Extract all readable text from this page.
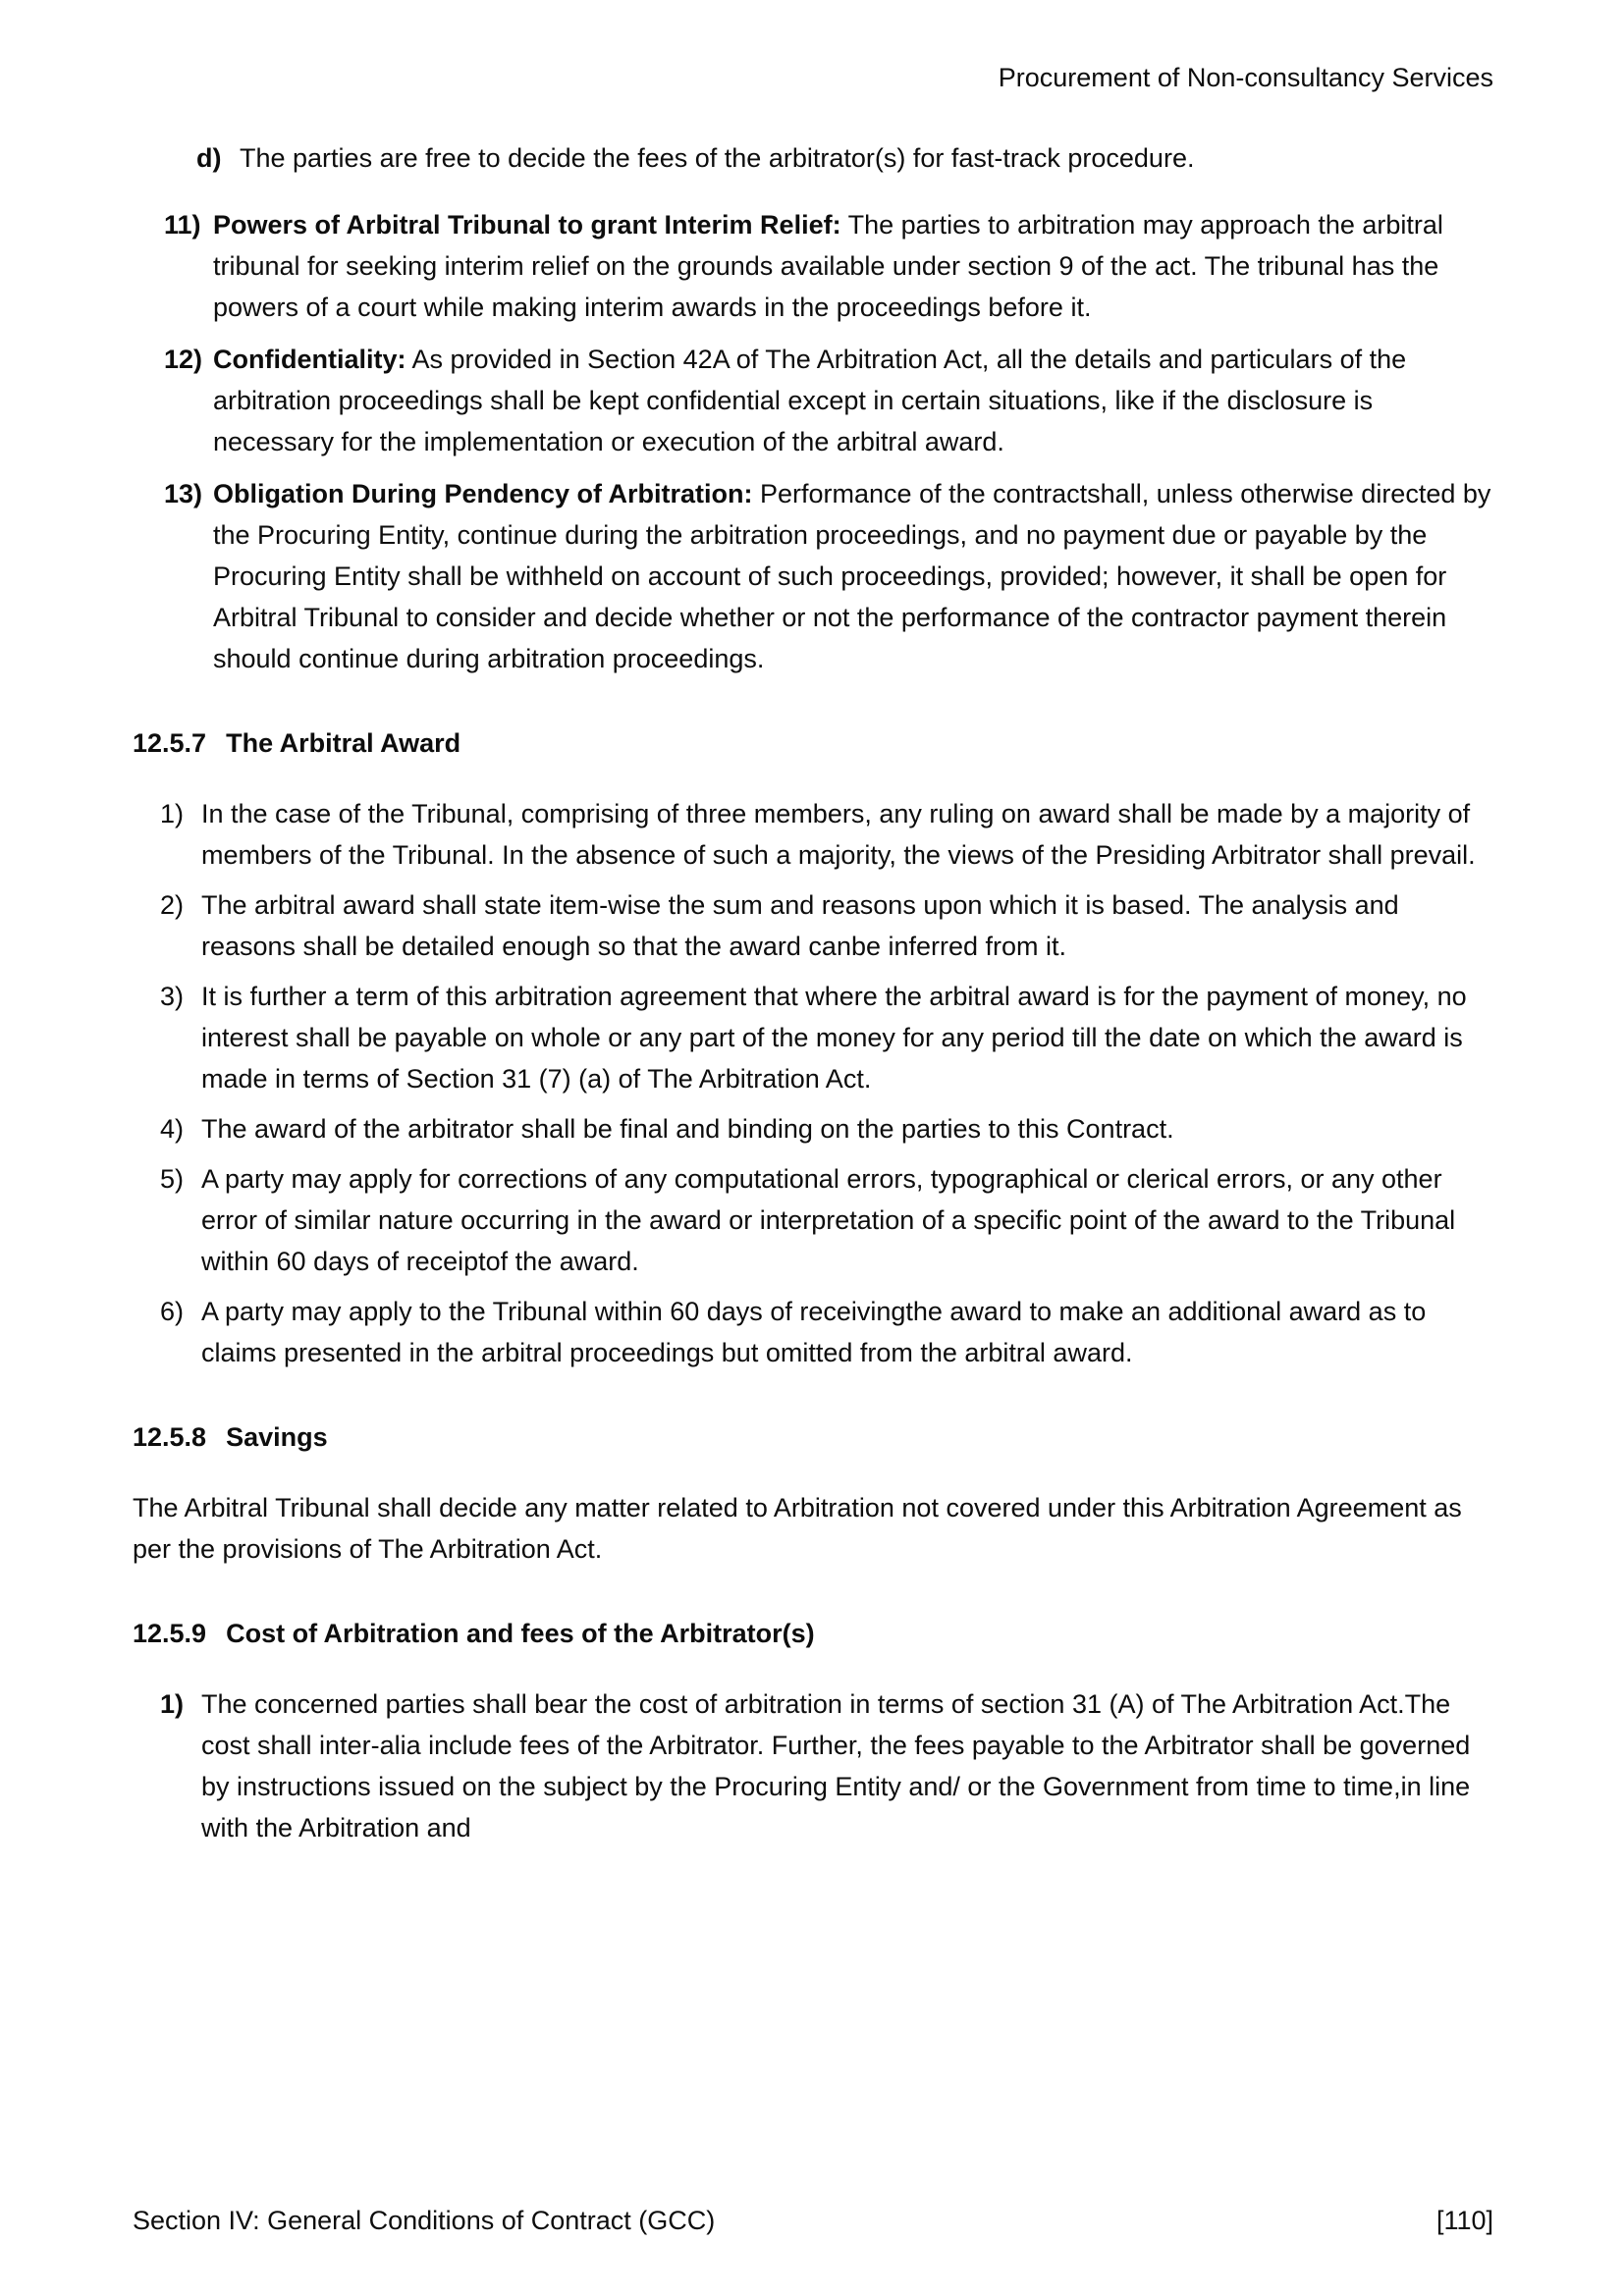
Procurement of Non-consultancy Services
d) The parties are free to decide the fees of the arbitrator(s) for fast-track procedure.
11) Powers of Arbitral Tribunal to grant Interim Relief: The parties to arbitration may approach the arbitral tribunal for seeking interim relief on the grounds available under section 9 of the act. The tribunal has the powers of a court while making interim awards in the proceedings before it.
12) Confidentiality: As provided in Section 42A of The Arbitration Act, all the details and particulars of the arbitration proceedings shall be kept confidential except in certain situations, like if the disclosure is necessary for the implementation or execution of the arbitral award.
13) Obligation During Pendency of Arbitration: Performance of the contractshall, unless otherwise directed by the Procuring Entity, continue during the arbitration proceedings, and no payment due or payable by the Procuring Entity shall be withheld on account of such proceedings, provided; however, it shall be open for Arbitral Tribunal to consider and decide whether or not the performance of the contractor payment therein should continue during arbitration proceedings.
12.5.7 The Arbitral Award
1) In the case of the Tribunal, comprising of three members, any ruling on award shall be made by a majority of members of the Tribunal. In the absence of such a majority, the views of the Presiding Arbitrator shall prevail.
2) The arbitral award shall state item-wise the sum and reasons upon which it is based. The analysis and reasons shall be detailed enough so that the award canbe inferred from it.
3) It is further a term of this arbitration agreement that where the arbitral award is for the payment of money, no interest shall be payable on whole or any part of the money for any period till the date on which the award is made in terms of Section 31 (7) (a) of The Arbitration Act.
4) The award of the arbitrator shall be final and binding on the parties to this Contract.
5) A party may apply for corrections of any computational errors, typographical or clerical errors, or any other error of similar nature occurring in the award or interpretation of a specific point of the award to the Tribunal within 60 days of receiptof the award.
6) A party may apply to the Tribunal within 60 days of receivingthe award to make an additional award as to claims presented in the arbitral proceedings but omitted from the arbitral award.
12.5.8 Savings
The Arbitral Tribunal shall decide any matter related to Arbitration not covered under this Arbitration Agreement as per the provisions of The Arbitration Act.
12.5.9 Cost of Arbitration and fees of the Arbitrator(s)
1) The concerned parties shall bear the cost of arbitration in terms of section 31 (A) of The Arbitration Act.The cost shall inter-alia include fees of the Arbitrator. Further, the fees payable to the Arbitrator shall be governed by instructions issued on the subject by the Procuring Entity and/ or the Government from time to time,in line with the Arbitration and
Section IV: General Conditions of Contract (GCC)	[110]
